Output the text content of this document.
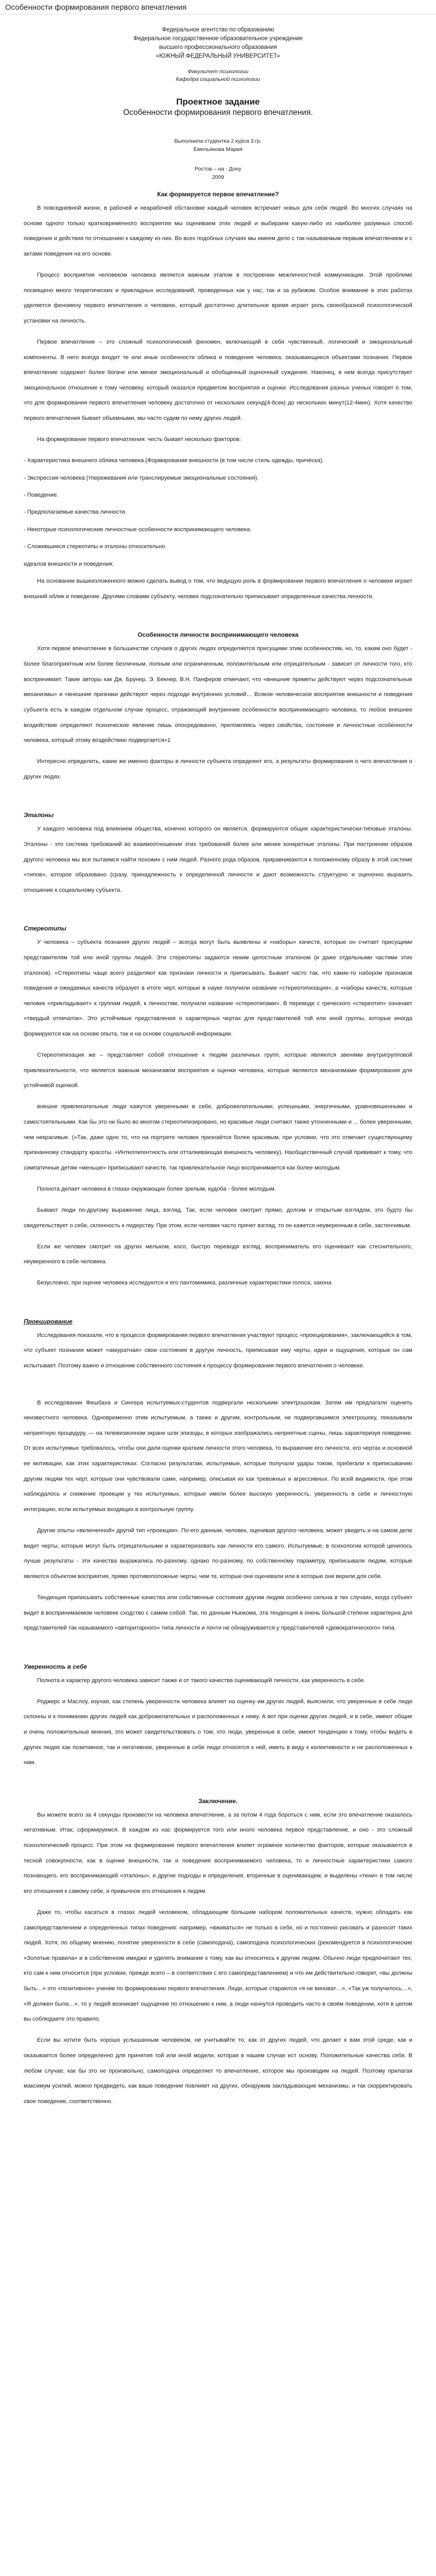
Особенности формирования первого впечатления

Федеральное агентство по образованию

Федеральное государственное образовательное учреждение

высшего профессионального образования

«ЮЖНЫЙ ФЕДЕРАЛЬНЫЙ УНИВЕРСИТЕТ»

Факультет психологии

Кафедра социальной психологии

Проектное задание

Особенности формирования первого впечатления.

Выполнила студентка 2 курса 3 гр.

Емельянова Мария

Ростов – на - Дону

2009

Как формируется первое впечатление?

В повседневной жизни, в рабочей и неарабочей обстановке каждый человек встречает новых для себя людей. Во многих случаях на основе одного только кратковременного восприятия мы оцениваем этих людей и выбираем какую-либо из наиболее разумных способ поведения и действия по отношению к каждому из них. Во всех подобных случаях мы имеем дело с так называемым первым впечатлением и с актами поведения на его основе.

Процесс восприятия человеком человека является важным этапом в построении межличностной коммуникации. Этой проблеме посвящено много теоретических и прикладных исследований, проведенных как у нас, так и за рубежом. Особое внимание в этих работах уделяется феномену первого впечатления о человеке, который достаточно длительное время играет роль своеобразной психологической установки на личность.

Первое впечатление – это сложный психологический феномен, включающий в себя чувственный, логический и эмоциональный компоненты. В него всегда входит те или иные особенности облика и поведения человека, оказывающиеся объектами познания. Первое впечатление содержит более богаче или менее эмоциональный и обобщенный оценочный суждения. Наконец, в нем всегда присутствует эмоциональное отношение к тому человеку, который оказался предметом восприятия и оценки. Исследования разных ученых говорят о том, что для формирования первого впечатления человеку достаточно от нескольких секунд(4-8сек) до нескольких минут(12-4мин). Хотя качество первого впечатления бывает объемными, мы часто судим по нему других людей.

На формирование первого впечатления: чеcть бывает несколько факторов:

- Характеристика внешнего облика человека.(Формирование внешности (в том числе стиль одежды, причёска).

- Экспрессия человека (тпережевания или транслируемые эмоциональные состояния).

- Поведение.

- Предполагаемые качества личности.

- Некоторые психологические личностные особенности воспринимающего человека.

- Сложившиеся стереотипы и эталоны относительно

идеалов внешности и поведения;

На основании вышеизложенного можно сделать вывод о том, что ведущую роль в формировании первого впечатления о человеке играет внешний облик и поведение. Другими словами субъекту, человек подсознательно приписывает определенные качества личности.

Особенности личности воспринимающего человека

Хотя первое впечатление в большинстве случаев о других людях определяется присущими этим особенностям, но, то, каким оно будет - более благоприятным или более безличным, полным или ограниченным, положительным или отрицательным - зависит от личности того, кто воспринимает. Такие авторы как Дж. Брунер, Э. Бекнер, В.Н. Панферов отмечают, что «внешние приметы действуют через подсознательные механизмы» и «внешние признаки действуют через подходи внутренних условий… Всякое человеческое восприятие внешности и поведения субъекта есть в каждом отдельном случае процесс, отражающий внутренние особенности воспринимающего человека, то любое внешнее воздействие определяют психическое явление лишь опосредованно, преломляясь через свойства, состояния и личностные особенности человека, который этому воздействию подвергается»1

Интересно определить, какие же именно факторы в личности субъекта опредеяют его, а результаты формирования о чего впечатления о других людях.

Эталоны

У каждого человека под влиянием общества, конечно которого он является, формируются общие характеристически-типовые эталоны. Эталоны - это система требований во взаимоотношении этих требований более или менее конкретные эталоны. При построении образов другого человека мы все пытаемся найти похожих с ним людей. Разного рода образов, приравниваются к положенному образу в этой системе «типов», которое образовано (сразу, принадлежность к определенной личности и дают возможность структурно и оценочно выразить отношение к социальному субъекта.

Стереотипы

У человека – субъекта познания других людей – всегда могут быть выявлены и «наборы» качеств, которые он считает присущими представителям той или иной группы людей. Эти стереотипы задаются неким целостным эталоном (и даже отдельными частями этих эталонов). «Стереотипы чаще всего разделяют как признаки личности и приписывать. Бывает часто так, что какие-то набором признаков поведения и ожидаемых качеств образует в итоге черт, которые в науке получили название «стереотипизация», а «наборы качеств, которые человек «прикладывает» к группам людей, к личностям, получили название «стереотипами». В переводе с греческого «стереотип» означает «твердый отпечаток». Это устойчивые представления о характерных чертах для представителей той или иной группы, которые иногда формируются как на основе опыта, так и на основе социальной информации.

Стереотипизация же – представляет собой отношение к людям различных групп, которые являются звенями внутригрупповой привлекательности, что является важным механизмом восприятия и оценки человека, которые являются механизмами формирования для устойчивой оценкой.

внешне привлекательные люди кажутся уверенными в себе, доброжелательными, успешными, энергичными, уравновешенными и самостоятельными. Как бы это ни было во многом стереотипизировано, но красивые люди считают также уточненными и ... более уверенными, чем некрасивые. («Так, даже одно то, что на портрете человек признаётся более красивым, при условии, что это отвечает существующему признанному стандарту красоты. «Интеллигентность или отталкивающая внешность человеку). Наобщественный случай прививает к тому, что симпатичные детям «меньше» приписывают качеств, так привлекательное лицо воспринимается как более молодым.

Полнота делает человека в глазах окружающих более зрелым, кудоба - более молодым.

Бывают люди по-другому выражение лица, взгляд. Так, если человек смотрит прямо, долгим и открытым взглядом, это будто бы свидетельствует о себе, склонность к лидерству. При этом, если человек часто прячет взгляд, то он кажется неуверенным в себе, застенчивым.

Если же человек смотрит на других мельком, косо, быстро переводя взгляд, восприниматель его оценивают как стеснительного, неуверенного в себе человека.

Безусловно, при оценке человека исследуются и его пантомимика, различные характеристики голоса, закона

Проецирование

Исследования показали, что в процессе формирования первого впечатления участвуют процесс «проецирования», заключающийся в том, что субъект познания может «аккуратная» свои состояния в другую личность, приписывая ему черты, идеи и ощущения, которые он сам испытывает. Поэтому важно и отношение собственного состояния к процессу формирования первого впечатления о человеке.

В исследовании Фешбаха и Сингера испытуемых-студентов подвергали нескольким электрошокам. Затем им предлагали оценить неизвестного человека. Одновременно этим испытуемым, а также и другим, контрольным, не подвергавшимся электрошоку, показывали неприятную процедуру, — на телевизионном экране шли эпизоды, в которых изображались неприятные сцены, лишь характеризуя поведение. От всех испытуемых требовалось, чтобы они дали оценки кратким личности этого человека, то выражение его личности, его чертах и основной ее мотивации, как этих характеристиках. Согласно результатам, испытуемые, которые получали удары током, прибегали к приписыванию другим людям тех черт, которые они чувствовали сами, например, описывая их как тревожных и агрессивных. По всей видимости, при этом наблюдалось и снижение проекции у тех испытуемых, которые имели более высокую уверенность, уверенность в себе и личностную интеграцию, если испытуемых входящих в контрольную группу.

Другие опыты «включенной» другой тип «проекции». По-его данным, человек, оценивая другого человека, может увидеть и на самом деле видит черты, которые могут быть отрицательными и характеризовать как личности его самого. Испытуемые, в психологии которой ценилось лучше результаты - эти качества выражались по-разному, однако по-разному, по собственному параметру, приписывали людям, которые являются объектом восприятия, прямо противоположные черты, чем те, которые они оценивали или в которые они верили для себя.

Тенденция приписывать собственные качества или собственные состояния другим людям особенно сильна в тех случаях, когда субъект видит в воспринимаемом человеке сходство с самим собой. Так, по данным Ньюкома, эта тенденция в очень большой степени характерна для представителей так называемого «авторитарного» типа личности и почти не обнаруживается у представителей «демократического» типа.

Уверенность в себе

Полнота и характер другого человека зависит также и от такого качества оценивающей личности, как уверенность в себе.

Роджерс и Маслоу, изучая, как степень уверенности человека влияет на оценку им других людей, выяснили, что уверенные в себе люди склонны и к пониманию других людей как доброжелательных и расположенных к нему. А вот при оценке других людей, и в себе, имеют общие и очень положительные мнения, это может свидетельствовать о том, что люди, уверенные в себе, имеют тенденцию к тому, чтобы видеть в других людях как позитивное, так и негативное, уверенные в себе люди относятся к ней, иметь в виду к колективности и не расположенных к нам.

Заключение.

Вы можете всего за 4 секунды произвести на человека впечатление, а за потом 4 года бороться с ним, если это впечатление оказалось негативным. Итак, сформируемся. В каждом из нас формируется того или иного человека первое представление, и оно - это сложный психологический процесс. При этом на формирование первого впечатления влияет огромное количество факторов, которые оказываются в тесной совокупности, как в оценке внешности, так и поведения воспринимаемого человека, то и личностные характеристики самого познающего, его воспринимающей «эталоны», и другие подходы и определения, вторичные в оценивающем, и выделены «тени» в том числе его отношения к самому себе, и привычное его отношения к людям.

Даже то, чтобы касаться в глазах людей человеком, обладающим большим набором положительных качеств, нужно обладать как самопредставлением и определенных типах поведения: например, «вживаться» не только в себя, но и постоянно рисовать и разносит таких людей. Хотя, по общему мнению, понятие уверенности в себе (самоподача), самоподача психологических (рекомендуется в психологические «Золотые правила» и в собственном имидже и уделять внимание к тому, как вы относитесь к другим людям. Обычно люди предпочитают тех, кто сам к ним относится (при условии, прежде всего – в соответствии с его самопредставлением) и что им действительно говорят, «вы должны быть…» это «позитивное» учение по формированию первого впечатления. Люди, которые стараются «я не виноват…», «Так уж получилось…», «Я должен была…», то у людей возникает ощущение по отношению к ним, а люди начнутся проводить часто в своём поведении, хотя в целом вы соблюдаете это правило.

Если вы хотите быть хорошо услышанным человеком, не учитывайте то, как от других людей, что делает к вам этой среде, как и оказывается более определенно для принятия той или иной модели, которая в нашем случае ест основу. Положительные качества себя. В любом случае, как бы это не произвольно, самоподача определяет то впечатление, которое мы производим на людей. Поэтому прилагая максимум усилий, можно предвидеть, как ваше поведение повлияет на других, обнаружив закладывающие механизмы, и так скорректировать свое поведение, соответственно.
